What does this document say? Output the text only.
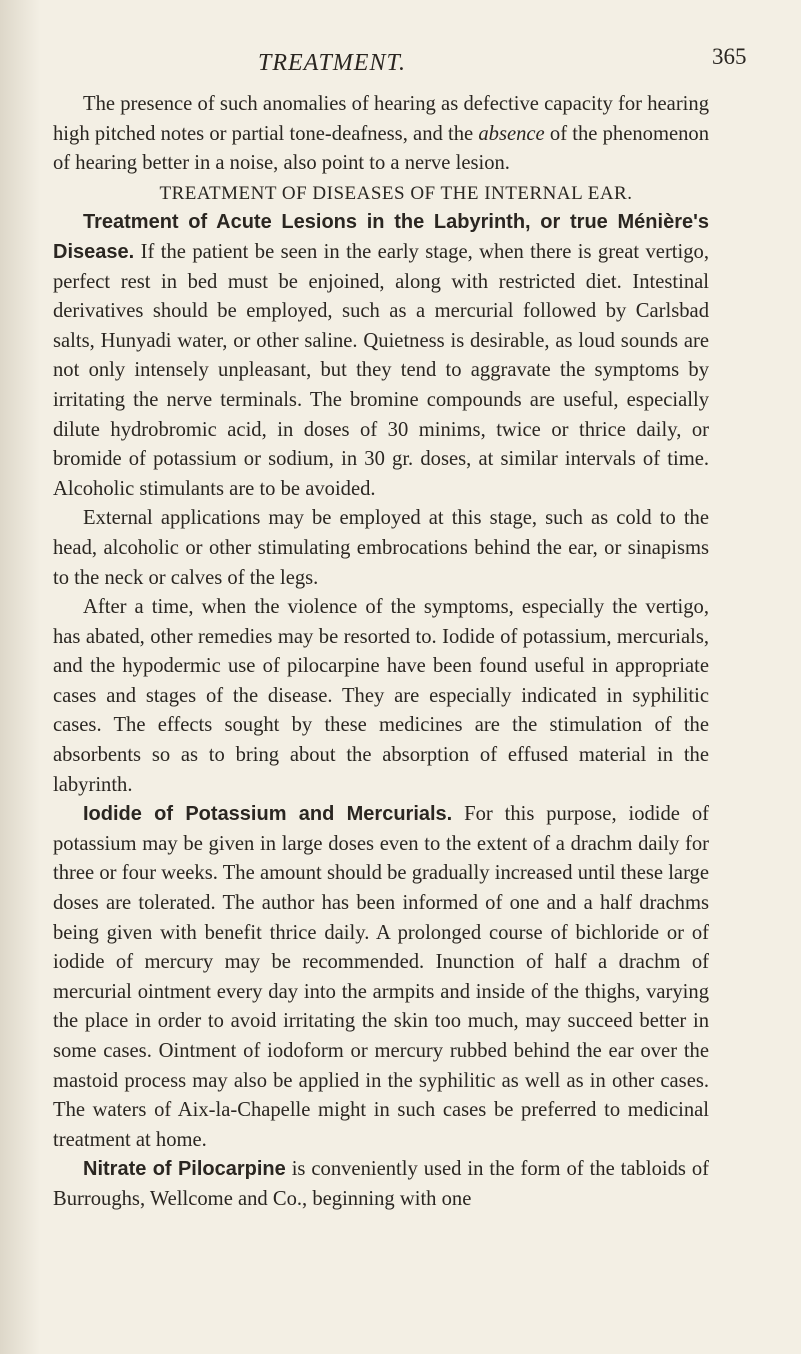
TREATMENT.	365

The presence of such anomalies of hearing as defective capacity for hearing high pitched notes or partial tone-deafness, and the absence of the phenomenon of hearing better in a noise, also point to a nerve lesion.

TREATMENT OF DISEASES OF THE INTERNAL EAR.

Treatment of Acute Lesions in the Labyrinth, or true Ménière's Disease. If the patient be seen in the early stage, when there is great vertigo, perfect rest in bed must be enjoined, along with restricted diet. Intestinal derivatives should be employed, such as a mercurial followed by Carlsbad salts, Hunyadi water, or other saline. Quietness is desirable, as loud sounds are not only intensely unpleasant, but they tend to aggravate the symptoms by irritating the nerve terminals. The bromine compounds are useful, especially dilute hydrobromic acid, in doses of 30 minims, twice or thrice daily, or bromide of potassium or sodium, in 30 gr. doses, at similar intervals of time. Alcoholic stimulants are to be avoided.

External applications may be employed at this stage, such as cold to the head, alcoholic or other stimulating embrocations behind the ear, or sinapisms to the neck or calves of the legs.

After a time, when the violence of the symptoms, especially the vertigo, has abated, other remedies may be resorted to. Iodide of potassium, mercurials, and the hypodermic use of pilocarpine have been found useful in appropriate cases and stages of the disease. They are especially indicated in syphilitic cases. The effects sought by these medicines are the stimulation of the absorbents so as to bring about the absorption of effused material in the labyrinth.

Iodide of Potassium and Mercurials. For this purpose, iodide of potassium may be given in large doses even to the extent of a drachm daily for three or four weeks. The amount should be gradually increased until these large doses are tolerated. The author has been informed of one and a half drachms being given with benefit thrice daily. A prolonged course of bichloride or of iodide of mercury may be recommended. Inunction of half a drachm of mercurial ointment every day into the armpits and inside of the thighs, varying the place in order to avoid irritating the skin too much, may succeed better in some cases. Ointment of iodoform or mercury rubbed behind the ear over the mastoid process may also be applied in the syphilitic as well as in other cases. The waters of Aix-la-Chapelle might in such cases be preferred to medicinal treatment at home.

Nitrate of Pilocarpine is conveniently used in the form of the tabloids of Burroughs, Wellcome and Co., beginning with one
